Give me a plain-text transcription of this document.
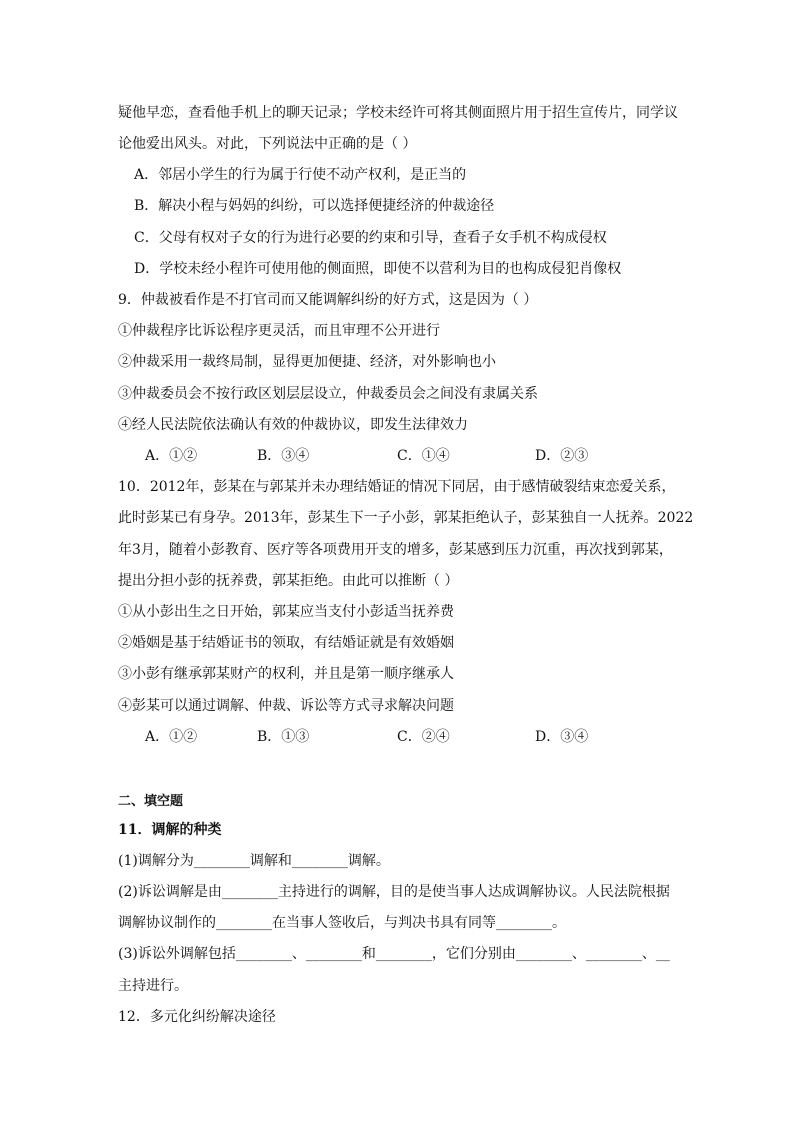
疑他早恋，查看他手机上的聊天记录；学校未经许可将其侧面照片用于招生宣传片，同学议
论他爱出风头。对此，下列说法中正确的是（ ）
A．邻居小学生的行为属于行使不动产权利，是正当的
B．解决小程与妈妈的纠纷，可以选择便捷经济的仲裁途径
C．父母有权对子女的行为进行必要的约束和引导，查看子女手机不构成侵权
D．学校未经小程许可使用他的侧面照，即使不以营利为目的也构成侵犯肖像权
9．仲裁被看作是不打官司而又能调解纠纷的好方式，这是因为（ ）
①仲裁程序比诉讼程序更灵活，而且审理不公开进行
②仲裁采用一裁终局制，显得更加便捷、经济，对外影响也小
③仲裁委员会不按行政区划层层设立，仲裁委员会之间没有隶属关系
④经人民法院依法确认有效的仲裁协议，即发生法律效力
A．①②	B．③④	C．①④	D．②③
10．2012年，彭某在与郭某并未办理结婚证的情况下同居，由于感情破裂结束恋爱关系，
此时彭某已有身孕。2013年，彭某生下一子小彭，郭某拒绝认子，彭某独自一人抚养。2022
年3月，随着小彭教育、医疗等各项费用开支的增多，彭某感到压力沉重，再次找到郭某，
提出分担小彭的抚养费，郭某拒绝。由此可以推断（ ）
①从小彭出生之日开始，郭某应当支付小彭适当抚养费
②婚姻是基于结婚证书的领取，有结婚证就是有效婚姻
③小彭有继承郭某财产的权利，并且是第一顺序继承人
④彭某可以通过调解、仲裁、诉讼等方式寻求解决问题
A．①②	B．①③	C．②④	D．③④
二、填空题
11．调解的种类
(1)调解分为________调解和________调解。
(2)诉讼调解是由________主持进行的调解，目的是使当事人达成调解协议。人民法院根据
调解协议制作的________在当事人签收后，与判决书具有同等________。
(3)诉讼外调解包括________、________和________，它们分别由________、________、__
主持进行。
12．多元化纠纷解决途径
